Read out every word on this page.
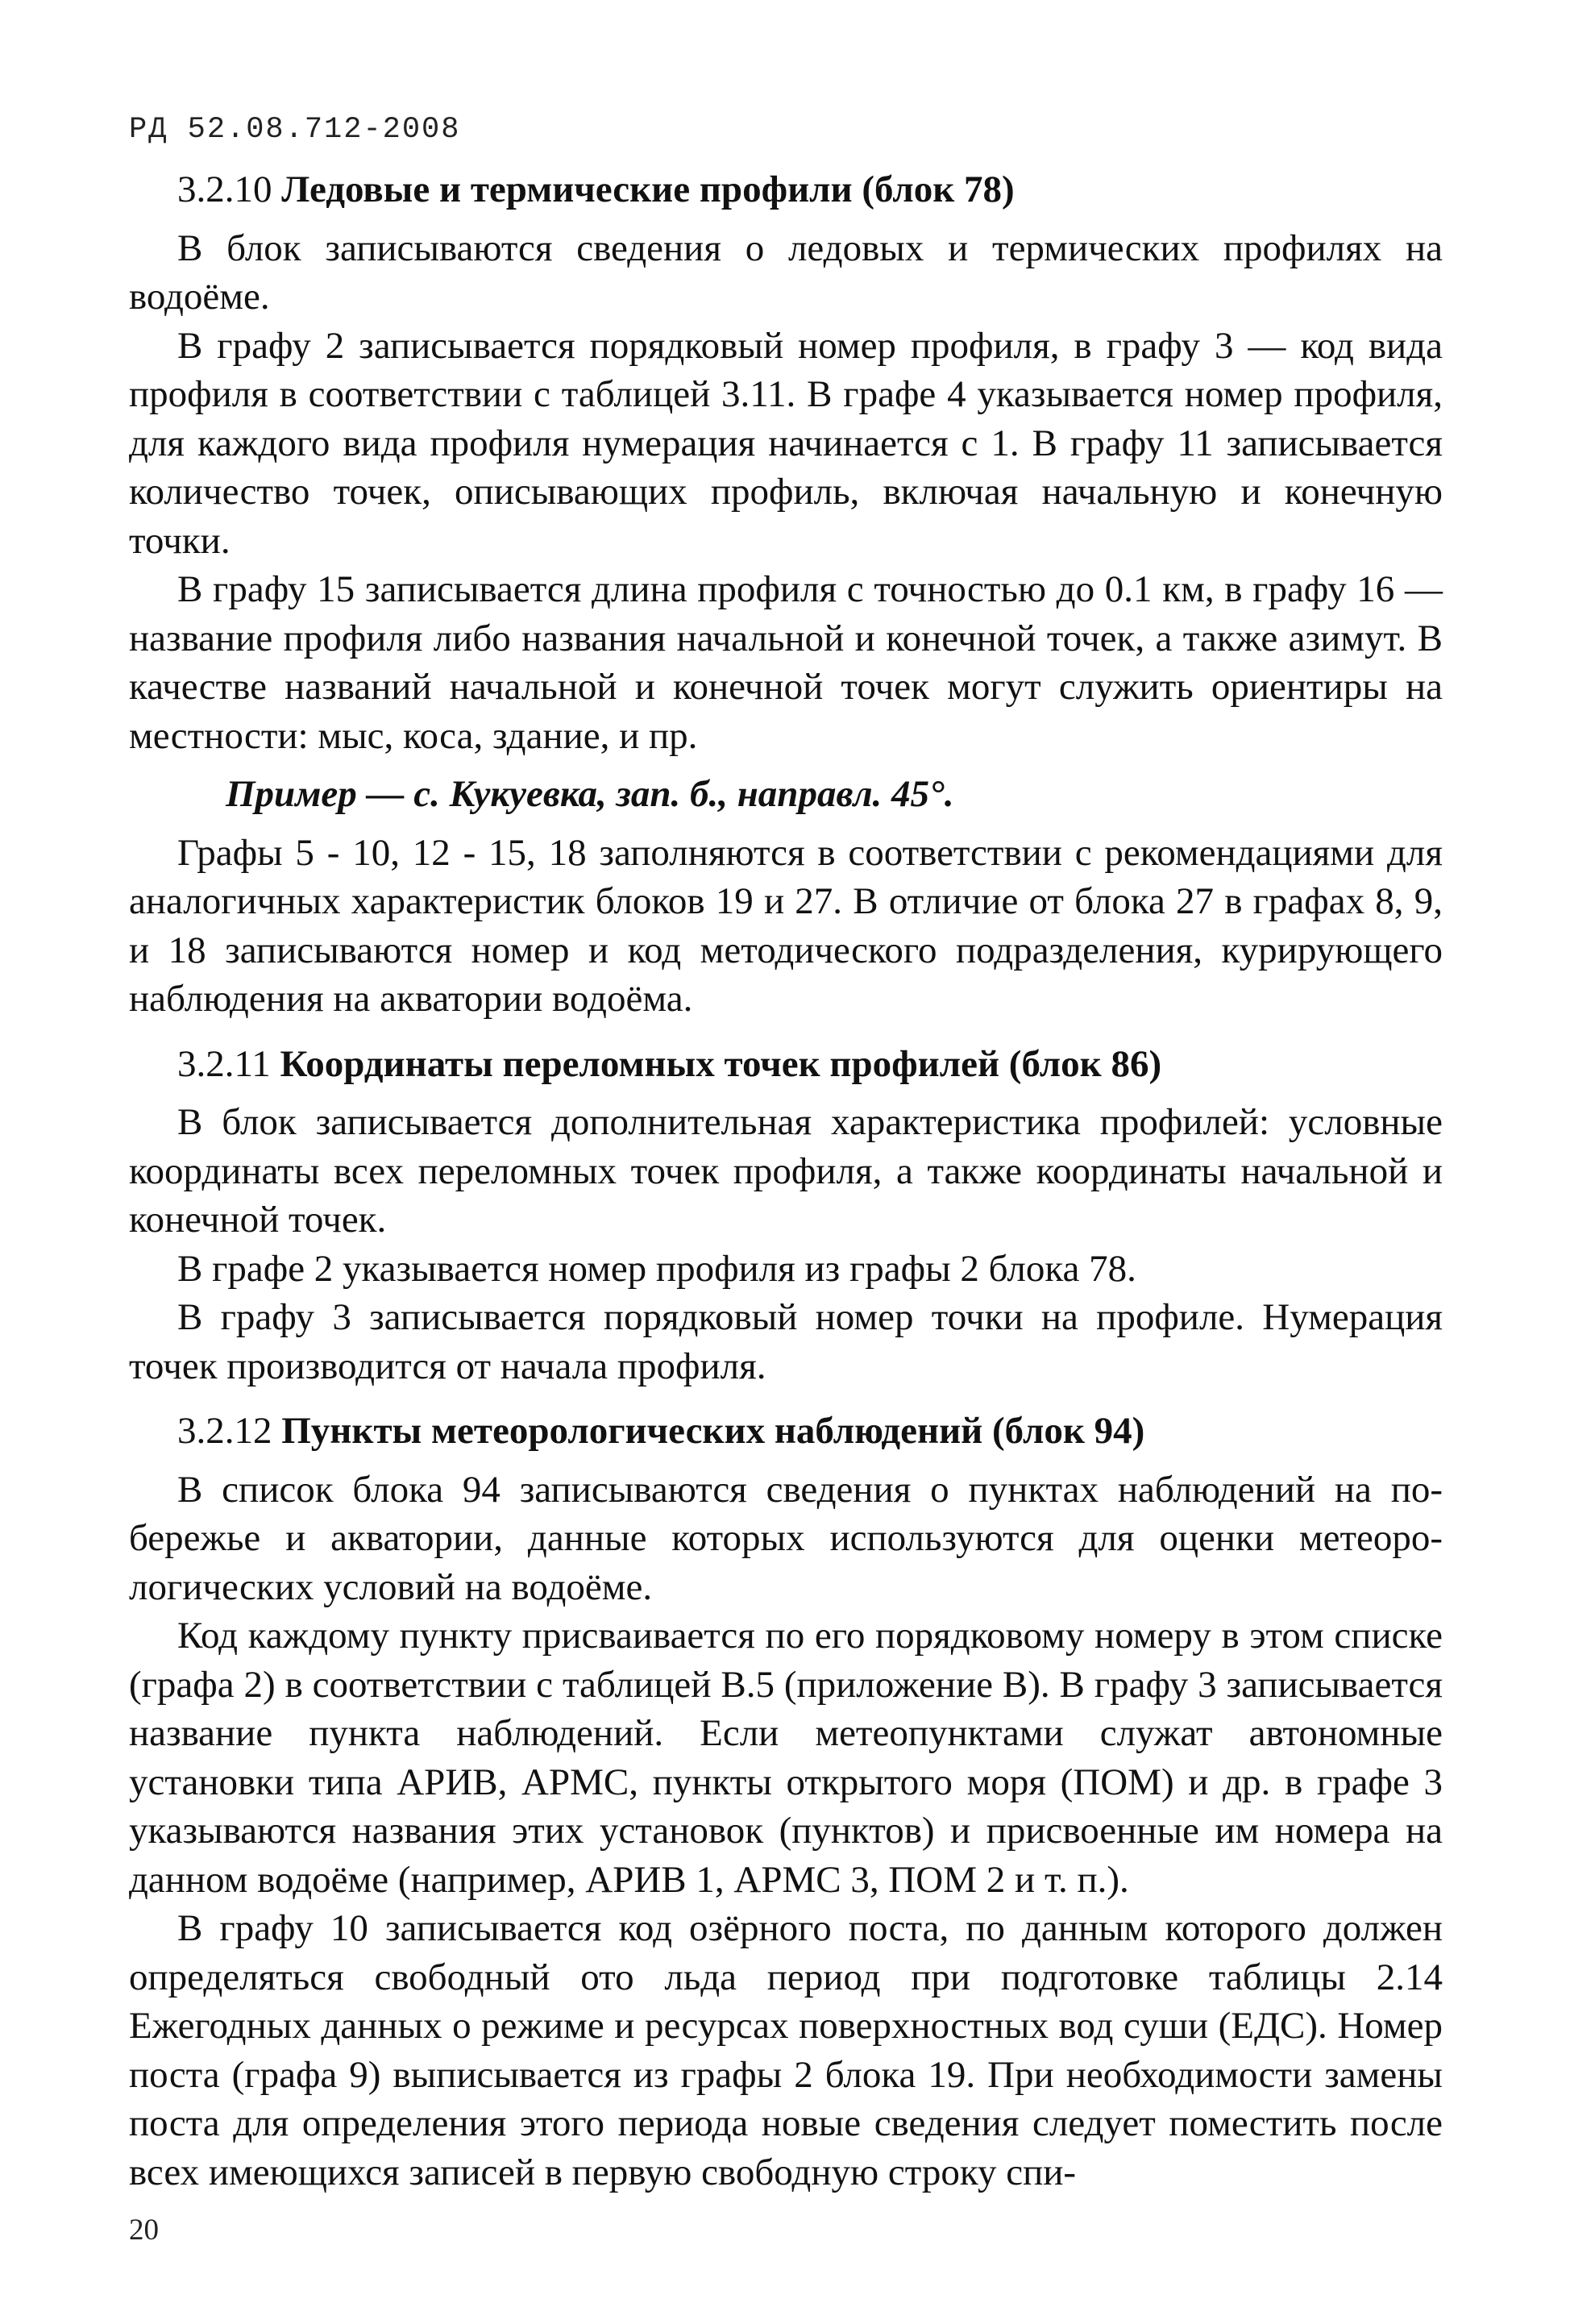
РД 52.08.712-2008
3.2.10 Ледовые и термические профили (блок 78)

В блок записываются сведения о ледовых и термических профилях на водоёме.

В графу 2 записывается порядковый номер профиля, в графу 3 — код вида профиля в соответствии с таблицей 3.11. В графе 4 указывается номер профиля, для каждого вида профиля нумерация начинается с 1. В графу 11 записывается количество точек, описывающих профиль, включая начальную и конечную точки.

В графу 15 записывается длина профиля с точностью до 0.1 км, в графу 16 — название профиля либо названия начальной и конечной точек, а также азимут. В качестве названий начальной и конечной точек могут служить ориентиры на местности: мыс, коса, здание, и пр.

Пример — с. Кукуевка, зап. б., направл. 45°.

Графы 5 - 10, 12 - 15, 18 заполняются в соответствии с рекомендациями для аналогичных характеристик блоков 19 и 27. В отличие от блока 27 в графах 8, 9, и 18 записываются номер и код методического подразделения, курирующего наблюдения на акватории водоёма.

3.2.11 Координаты переломных точек профилей (блок 86)

В блок записывается дополнительная характеристика профилей: условные координаты всех переломных точек профиля, а также координаты начальной и конечной точек.

В графе 2 указывается номер профиля из графы 2 блока 78.

В графу 3 записывается порядковый номер точки на профиле. Нумерация точек производится от начала профиля.

3.2.12 Пункты метеорологических наблюдений (блок 94)

В список блока 94 записываются сведения о пунктах наблюдений на побережье и акватории, данные которых используются для оценки метеорологических условий на водоёме.

Код каждому пункту присваивается по его порядковому номеру в этом списке (графа 2) в соответствии с таблицей В.5 (приложение В). В графу 3 записывается название пункта наблюдений. Если метеопунктами служат автономные установки типа АРИВ, АРМС, пункты открытого моря (ПОМ) и др. в графе 3 указываются названия этих установок (пунктов) и присвоенные им номера на данном водоёме (например, АРИВ 1, АРМС 3, ПОМ 2 и т. п.).

В графу 10 записывается код озёрного поста, по данным которого должен определяться свободный ото льда период при подготовке таблицы 2.14 Ежегодных данных о режиме и ресурсах поверхностных вод суши (ЕДС). Номер поста (графа 9) выписывается из графы 2 блока 19. При необходимости замены поста для определения этого периода новые сведения следует поместить после всех имеющихся записей в первую свободную строку спи-

20
